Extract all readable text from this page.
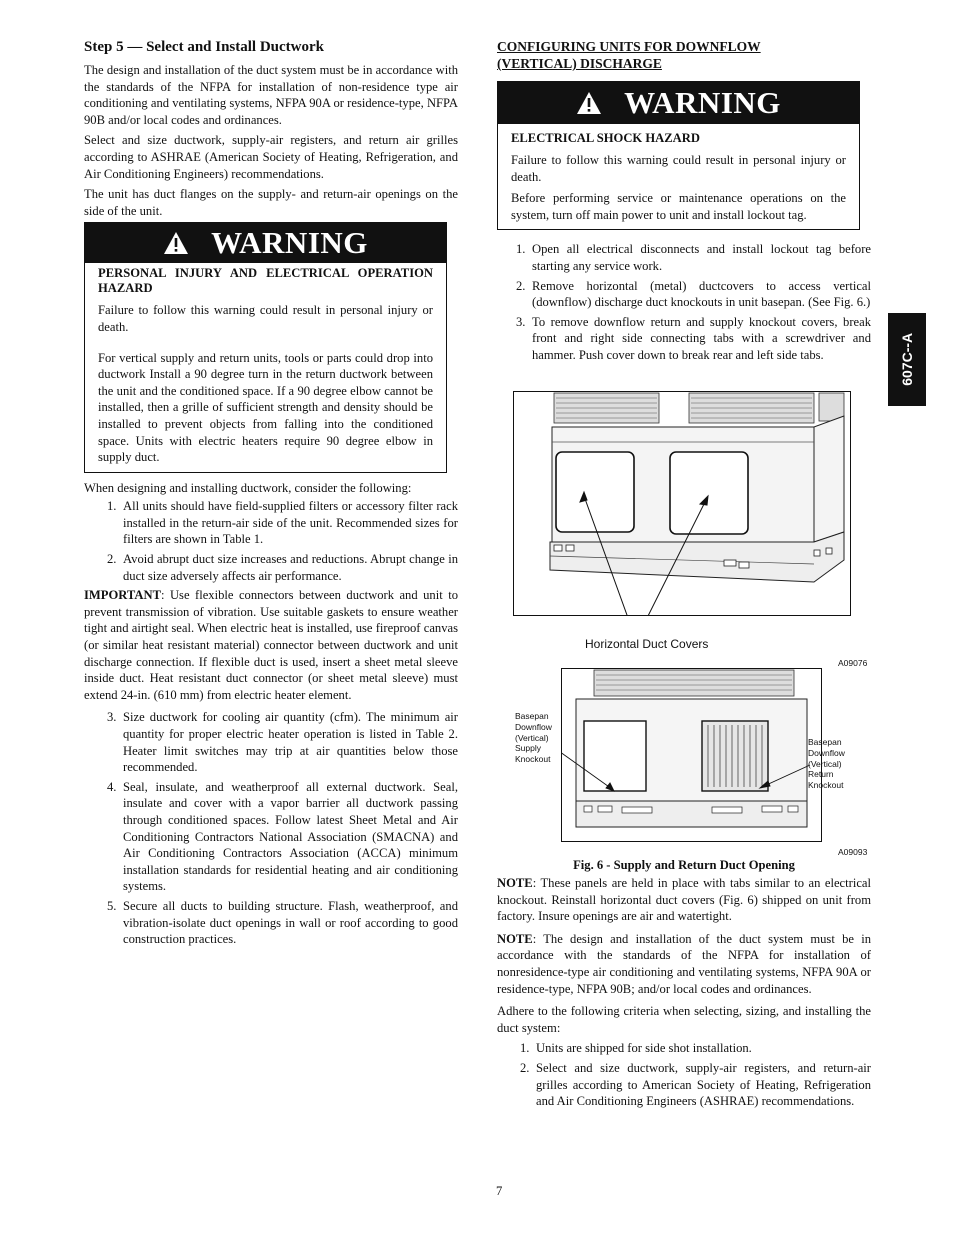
Step 5 — Select and Install Ductwork

The design and installation of the duct system must be in accordance with the standards of the NFPA for installation of non-residence type air conditioning and ventilating systems, NFPA 90A or residence-type, NFPA 90B and/or local codes and ordinances.

Select and size ductwork, supply-air registers, and return air grilles according to ASHRAE (American Society of Heating, Refrigeration, and Air Conditioning Engineers) recommendations.

The unit has duct flanges on the supply- and return-air openings on the side of the unit.

WARNING
PERSONAL INJURY AND ELECTRICAL OPERATION HAZARD

Failure to follow this warning could result in personal injury or death.

For vertical supply and return units, tools or parts could drop into ductwork Install a 90 degree turn in the return ductwork between the unit and the conditioned space. If a 90 degree elbow cannot be installed, then a grille of sufficient strength and density should be installed to prevent objects from falling into the conditioned space. Units with electric heaters require 90 degree elbow in supply duct.

When designing and installing ductwork, consider the following:

1. All units should have field-supplied filters or accessory filter rack installed in the return-air side of the unit. Recommended sizes for filters are shown in Table 1.
2. Avoid abrupt duct size increases and reductions. Abrupt change in duct size adversely affects air performance.

IMPORTANT: Use flexible connectors between ductwork and unit to prevent transmission of vibration. Use suitable gaskets to ensure weather tight and airtight seal. When electric heat is installed, use fireproof canvas (or similar heat resistant material) connector between ductwork and unit discharge connection. If flexible duct is used, insert a sheet metal sleeve inside duct. Heat resistant duct connector (or sheet metal sleeve) must extend 24-in. (610 mm) from electric heater element.

3. Size ductwork for cooling air quantity (cfm). The minimum air quantity for proper electric heater operation is listed in Table 2. Heater limit switches may trip at air quantities below those recommended.
4. Seal, insulate, and weatherproof all external ductwork. Seal, insulate and cover with a vapor barrier all ductwork passing through conditioned spaces. Follow latest Sheet Metal and Air Conditioning Contractors National Association (SMACNA) and Air Conditioning Contractors Association (ACCA) minimum installation standards for residential heating and air conditioning systems.
5. Secure all ducts to building structure. Flash, weatherproof, and vibration-isolate duct openings in wall or roof according to good construction practices.
CONFIGURING UNITS FOR DOWNFLOW
(VERTICAL) DISCHARGE
WARNING
ELECTRICAL SHOCK HAZARD

Failure to follow this warning could result in personal injury or death.

Before performing service or maintenance operations on the system, turn off main power to unit and install lockout tag.

1. Open all electrical disconnects and install lockout tag before starting any service work.
2. Remove horizontal (metal) ductcovers to access vertical (downflow) discharge duct knockouts in unit basepan. (See Fig. 6.)
3. To remove downflow return and supply knockout covers, break front and right side connecting tabs with a screwdriver and hammer. Push cover down to break rear and left side tabs.
Horizontal Duct Covers
A09076
Basepan
Downflow
(Vertical)
Supply
Knockout
Basepan
Downflow
(Vertical)
Return
Knockout
A09093
Fig. 6 - Supply and Return Duct Opening

NOTE: These panels are held in place with tabs similar to an electrical knockout. Reinstall horizontal duct covers (Fig. 6) shipped on unit from factory. Insure openings are air and watertight.

NOTE: The design and installation of the duct system must be in accordance with the standards of the NFPA for installation of nonresidence-type air conditioning and ventilating systems, NFPA 90A or residence-type, NFPA 90B; and/or local codes and ordinances.

Adhere to the following criteria when selecting, sizing, and installing the duct system:

1. Units are shipped for side shot installation.
2. Select and size ductwork, supply-air registers, and return-air grilles according to American Society of Heating, Refrigeration and Air Conditioning Engineers (ASHRAE) recommendations.
607C--A
7
